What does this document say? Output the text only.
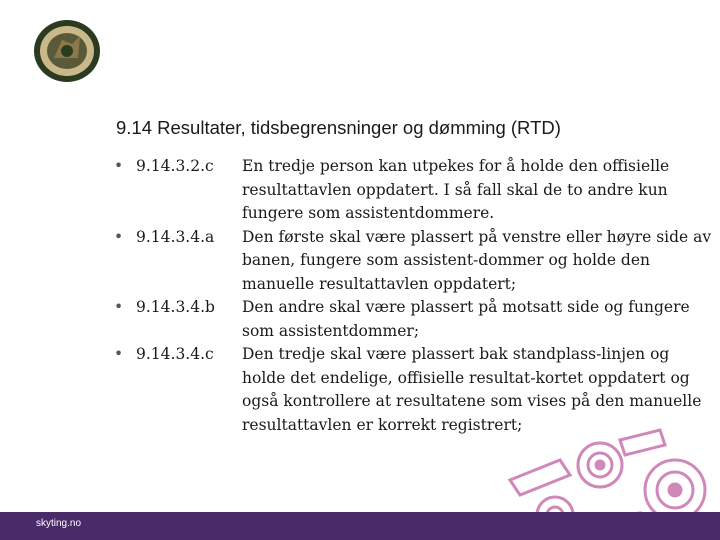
9.14 Resultater, tidsbegrensninger og dømming (RTD)
• 9.14.3.2.c En tredje person kan utpekes for å holde den offisielle resultattavlen oppdatert. I så fall skal de to andre kun fungere som assistentdommere.
• 9.14.3.4.a Den første skal være plassert på venstre eller høyre side av banen, fungere som assistent-dommer og holde den manuelle resultattavlen oppdatert;
• 9.14.3.4.b Den andre skal være plassert på motsatt side og fungere som assistentdommer;
• 9.14.3.4.c Den tredje skal være plassert bak standplass-linjen og holde det endelige, offisielle resultat-kortet oppdatert og også kontrollere at resultatene som vises på den manuelle resultattavlen er korrekt registrert;
skyting.no
